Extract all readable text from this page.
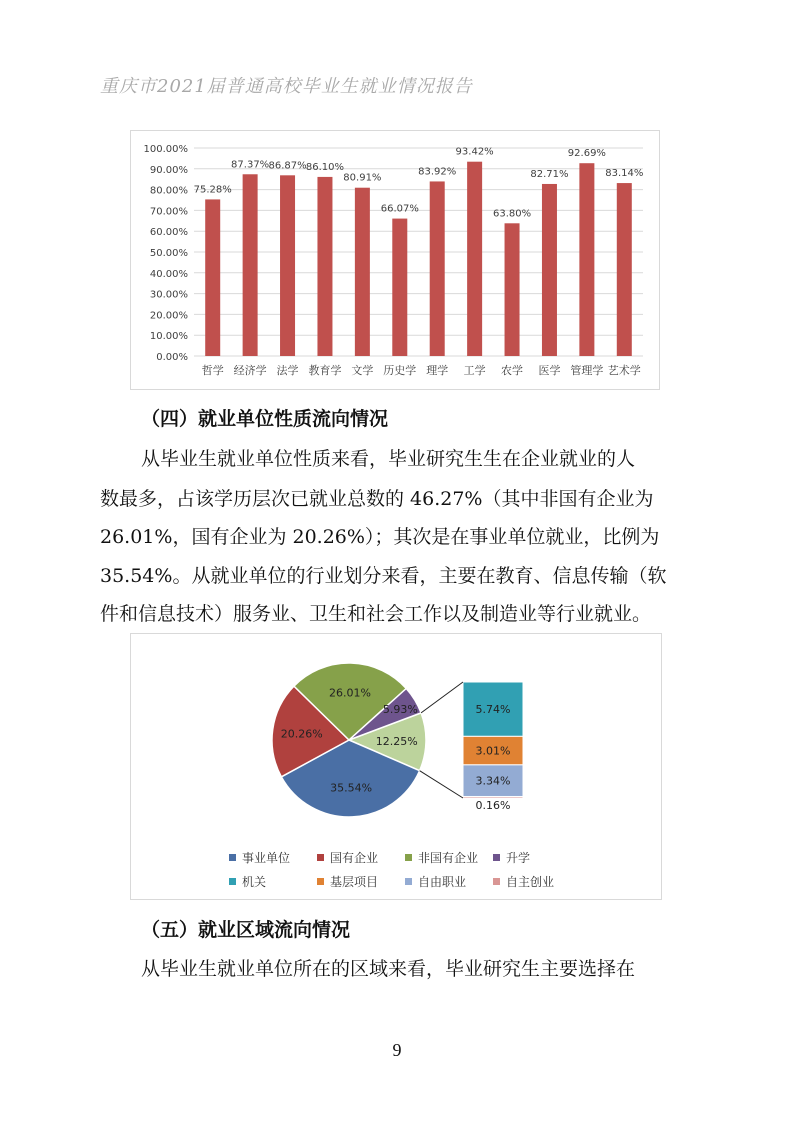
重庆市2021届普通高校毕业生就业情况报告
0.00%
10.00%
20.00%
30.00%
40.00%
50.00%
60.00%
70.00%
80.00%
90.00%
100.00%
75.28%
哲学
87.37%
经济学
86.87%
法学
86.10%
教育学
80.91%
文学
66.07%
历史学
83.92%
理学
93.42%
工学
63.80%
农学
82.71%
医学
92.69%
管理学
83.14%
艺术学
（四）就业单位性质流向情况
从毕业生就业单位性质来看，毕业研究生生在企业就业的人
数最多，占该学历层次已就业总数的 46.27%（其中非国有企业为
26.01%，国有企业为 20.26%）；其次是在事业单位就业，比例为
35.54%。从就业单位的行业划分来看，主要在教育、信息传输（软
件和信息技术）服务业、卫生和社会工作以及制造业等行业就业。
12.25%
35.54%
20.26%
26.01%
5.93%	5.74%
3.01%
3.34%
0.16%
事业单位	国有企业	非国有企业 升学
机关	基层项目	自由职业	自主创业
（五）就业区域流向情况
从毕业生就业单位所在的区域来看，毕业研究生主要选择在
9
